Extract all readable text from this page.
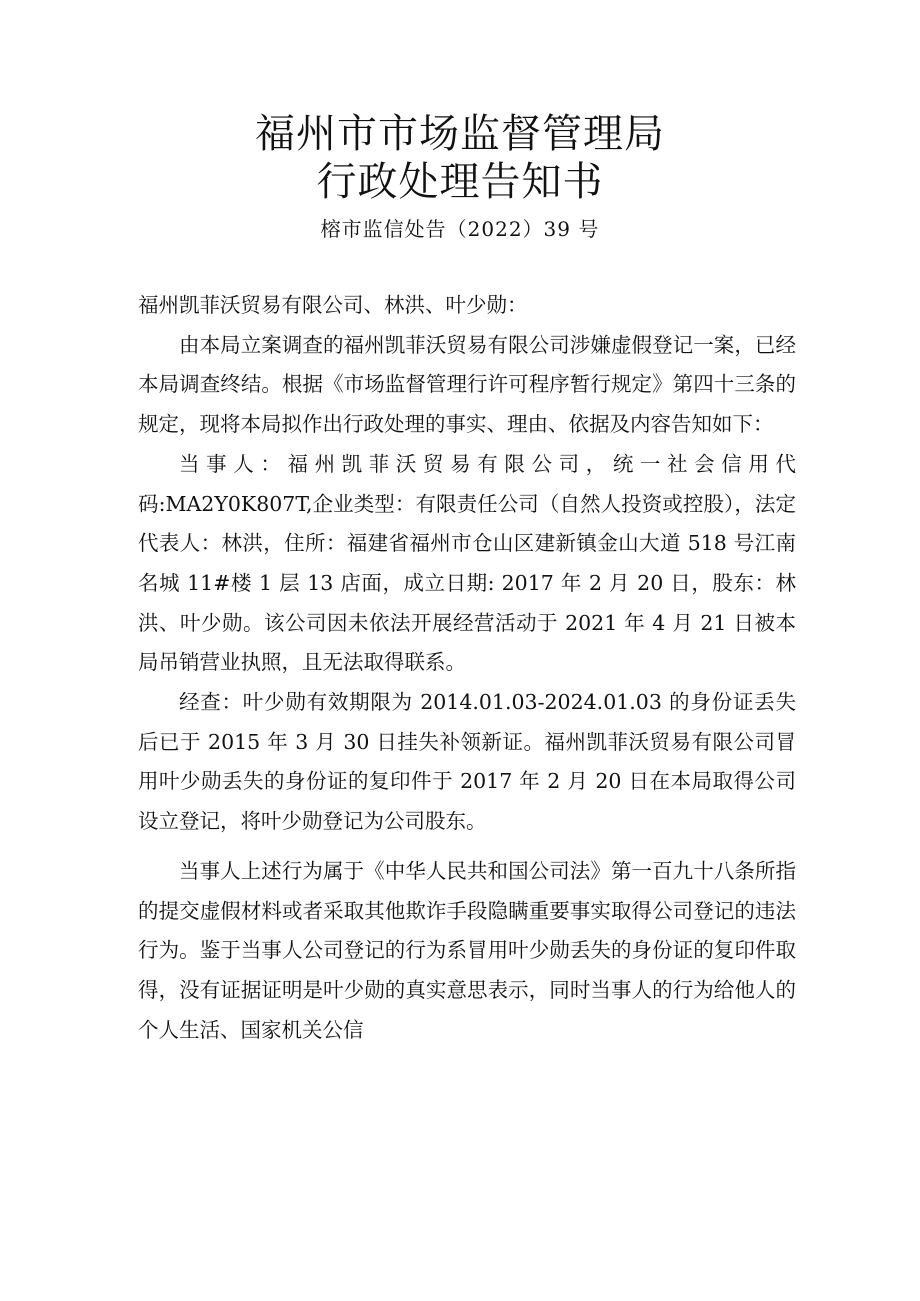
福州市市场监督管理局
行政处理告知书
榕市监信处告（2022）39 号

福州凯菲沃贸易有限公司、林洪、叶少勋：

由本局立案调查的福州凯菲沃贸易有限公司涉嫌虚假登记一案，已经本局调查终结。根据《市场监督管理行许可程序暂行规定》第四十三条的规定，现将本局拟作出行政处理的事实、理由、依据及内容告知如下：

当事人：福州凯菲沃贸易有限公司，统一社会信用代码:MA2Y0K807T,企业类型：有限责任公司（自然人投资或控股），法定代表人：林洪，住所：福建省福州市仓山区建新镇金山大道 518 号江南名城 11#楼 1 层 13 店面，成立日期: 2017 年 2 月 20 日，股东：林洪、叶少勋。该公司因未依法开展经营活动于 2021 年 4 月 21 日被本局吊销营业执照，且无法取得联系。

经查：叶少勋有效期限为 2014.01.03-2024.01.03 的身份证丢失后已于 2015 年 3 月 30 日挂失补领新证。福州凯菲沃贸易有限公司冒用叶少勋丢失的身份证的复印件于 2017 年 2 月 20 日在本局取得公司设立登记，将叶少勋登记为公司股东。

当事人上述行为属于《中华人民共和国公司法》第一百九十八条所指的提交虚假材料或者采取其他欺诈手段隐瞒重要事实取得公司登记的违法行为。鉴于当事人公司登记的行为系冒用叶少勋丢失的身份证的复印件取得，没有证据证明是叶少勋的真实意思表示，同时当事人的行为给他人的个人生活、国家机关公信
